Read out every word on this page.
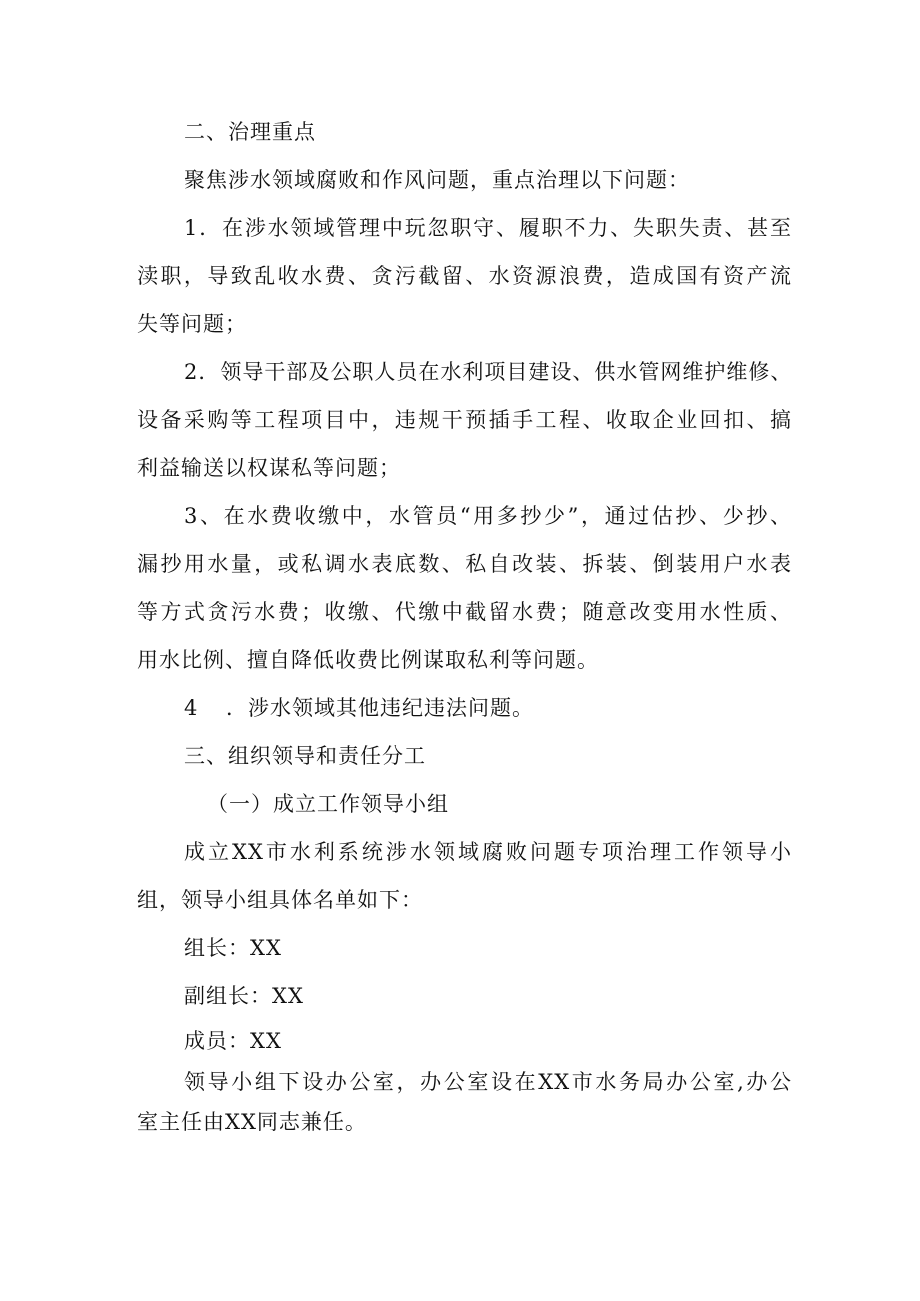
二、治理重点
聚焦涉水领域腐败和作风问题，重点治理以下问题：
1．在涉水领域管理中玩忽职守、履职不力、失职失责、甚至
渎职，导致乱收水费、贪污截留、水资源浪费，造成国有资产流
失等问题；
2．领导干部及公职人员在水利项目建设、供水管网维护维修、
设备采购等工程项目中，违规干预插手工程、收取企业回扣、搞
利益输送以权谋私等问题；
3、在水费收缴中，水管员“用多抄少”，通过估抄、少抄、
漏抄用水量，或私调水表底数、私自改装、拆装、倒装用户水表
等方式贪污水费；收缴、代缴中截留水费；随意改变用水性质、
用水比例、擅自降低收费比例谋取私利等问题。
4 ．涉水领域其他违纪违法问题。
三、组织领导和责任分工
（一）成立工作领导小组
成立XX市水利系统涉水领域腐败问题专项治理工作领导小
组，领导小组具体名单如下：
组长：XX
副组长：XX
成员：XX
领导小组下设办公室，办公室设在XX市水务局办公室,办公
室主任由XX同志兼任。
